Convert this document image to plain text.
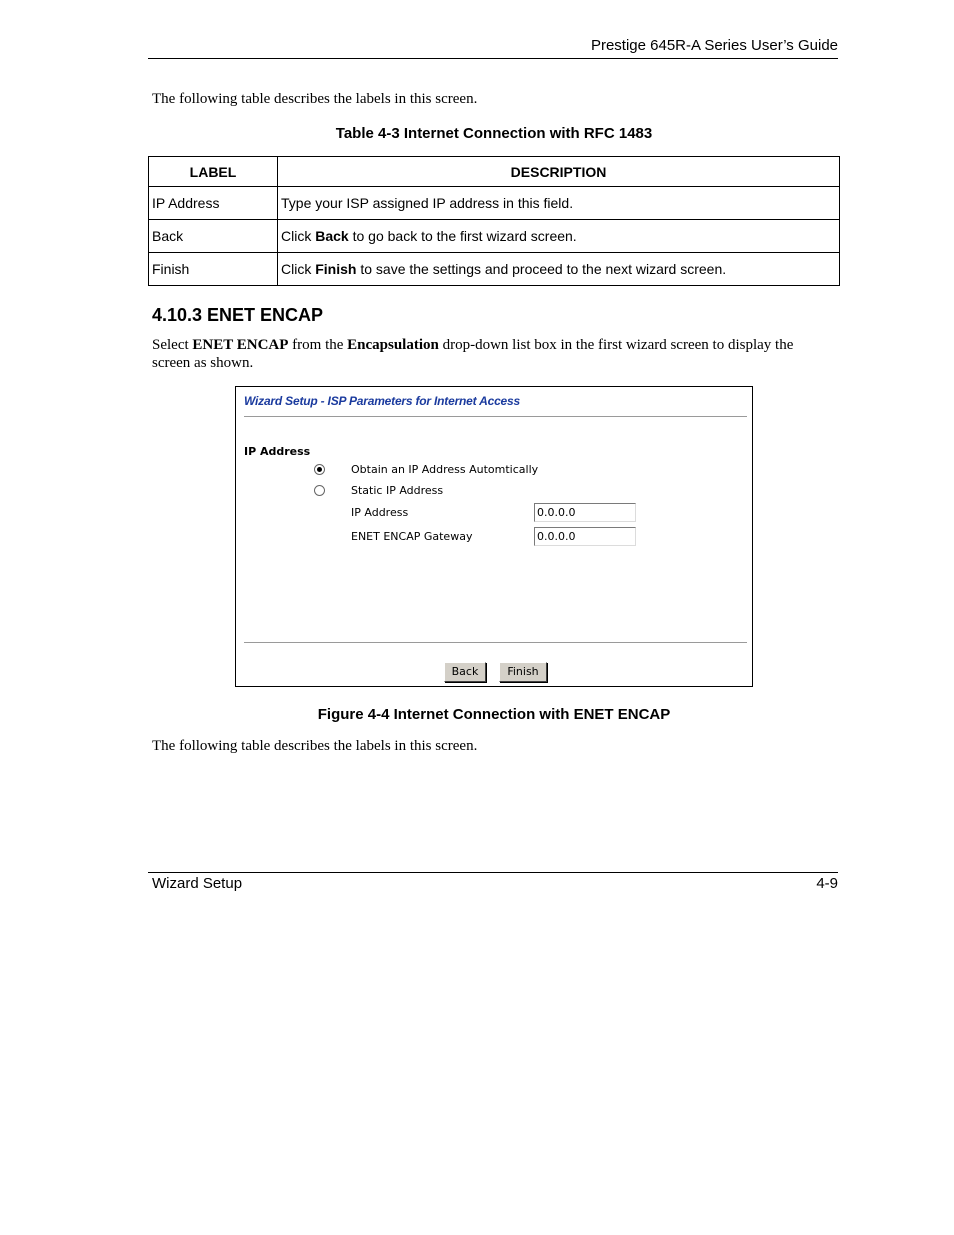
Prestige 645R-A Series User’s Guide
The following table describes the labels in this screen.
Table 4-3 Internet Connection with RFC 1483
LABEL	DESCRIPTION
IP Address	Type your ISP assigned IP address in this field.
Back	Click Back to go back to the first wizard screen.
Finish	Click Finish to save the settings and proceed to the next wizard screen.
4.10.3 ENET ENCAP
Select ENET ENCAP from the Encapsulation drop-down list box in the first wizard screen to display the
screen as shown.
Wizard Setup - ISP Parameters for Internet Access
IP Address
Obtain an IP Address Automtically
Static IP Address
IP Address	0.0.0.0
ENET ENCAP Gateway	0.0.0.0
Back	Finish
Figure 4-4 Internet Connection with ENET ENCAP
The following table describes the labels in this screen.
Wizard Setup	4-9
